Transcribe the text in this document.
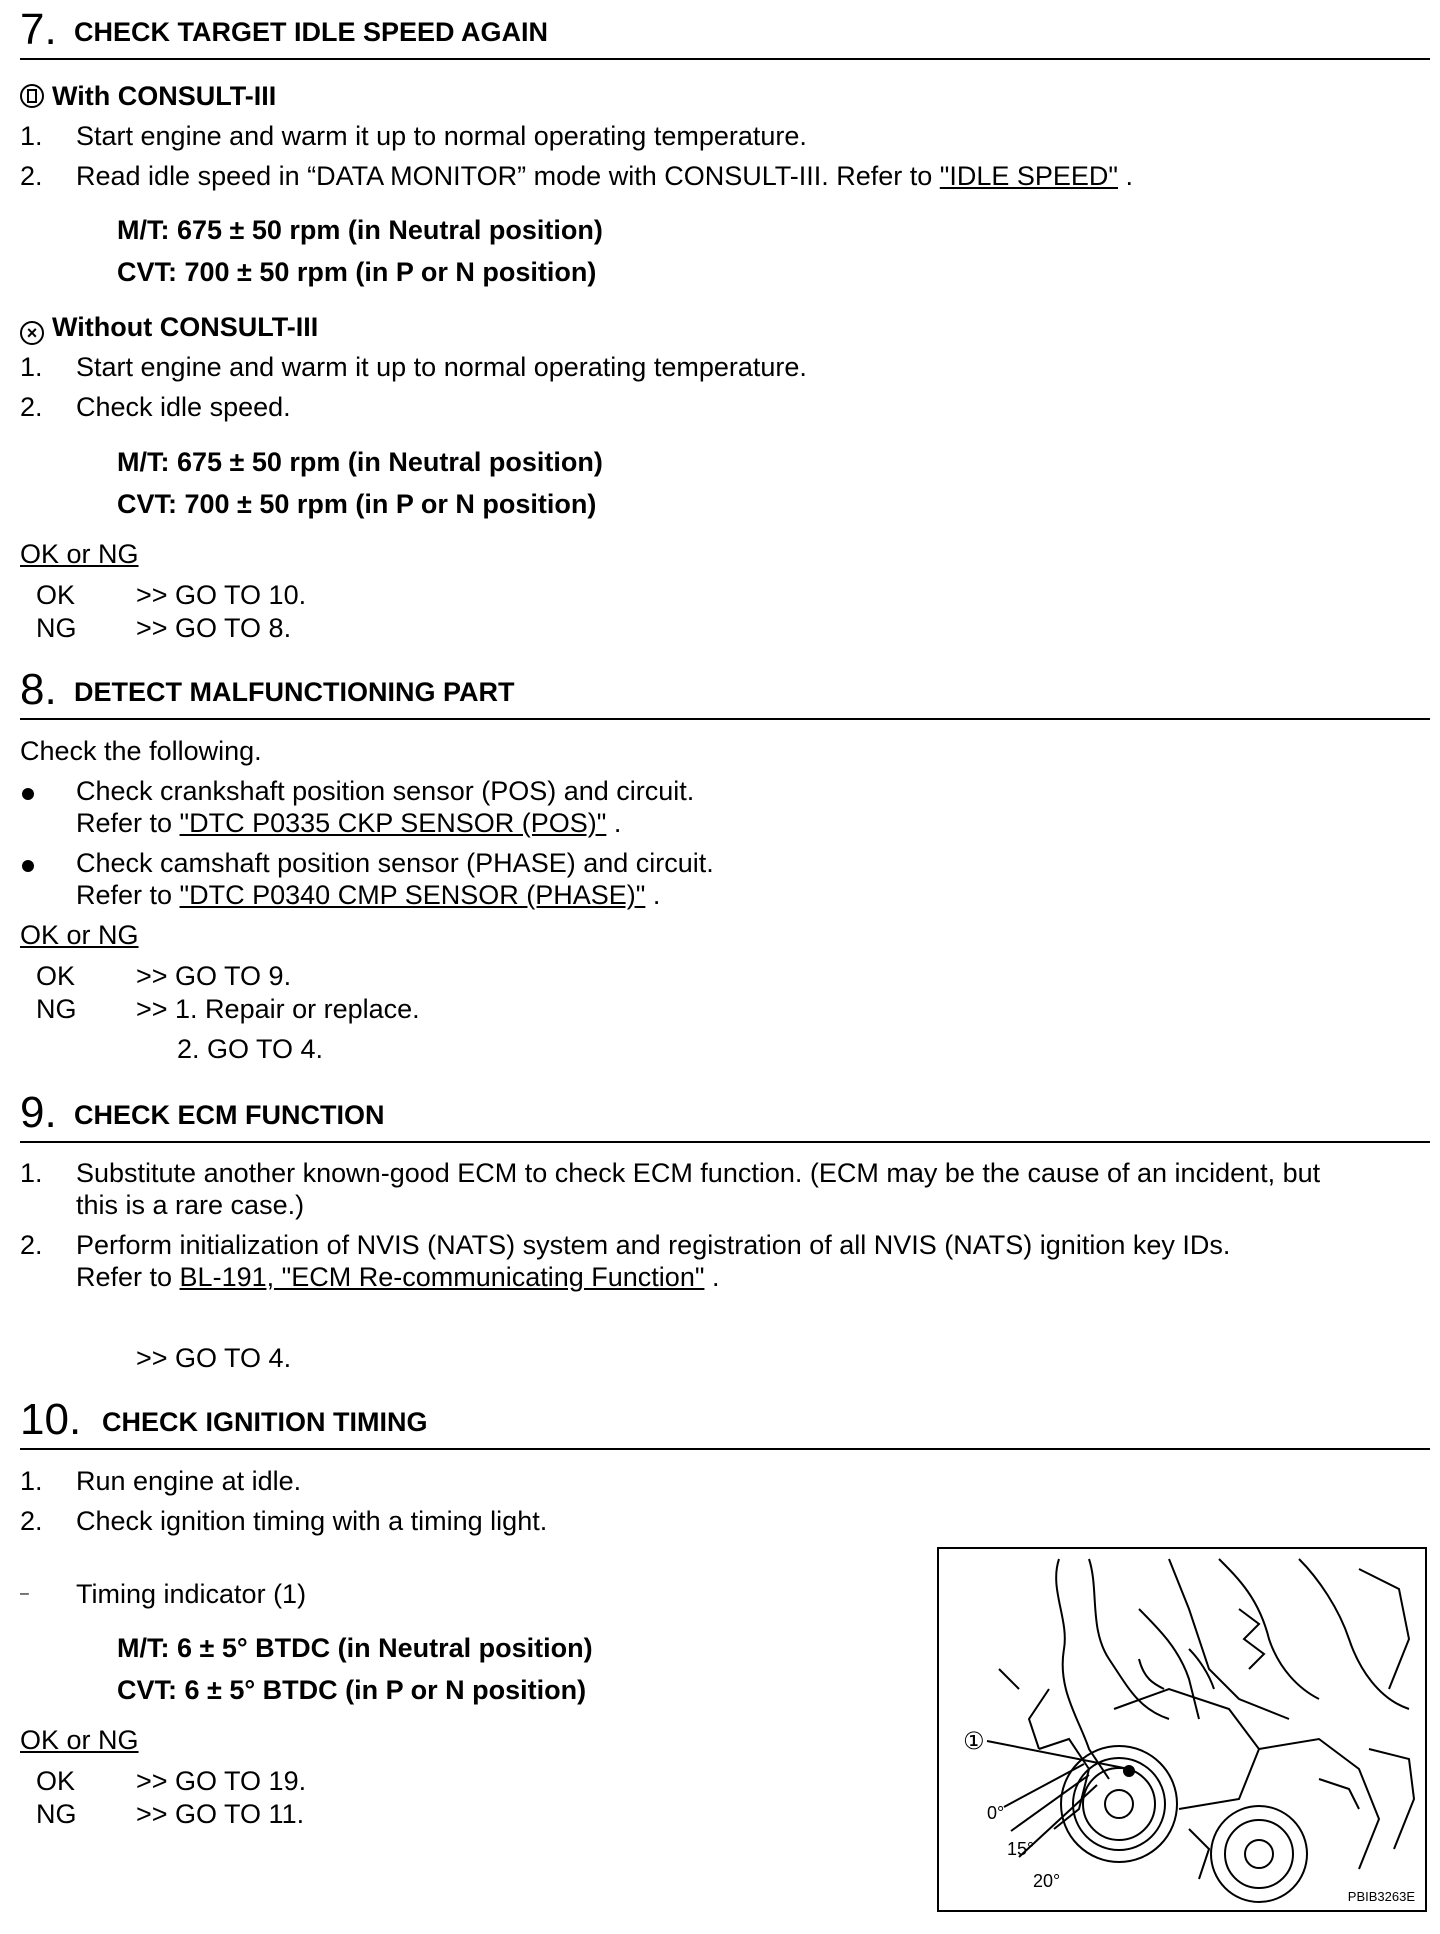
7. CHECK TARGET IDLE SPEED AGAIN
With CONSULT-III
1. Start engine and warm it up to normal operating temperature.
2. Read idle speed in “DATA MONITOR” mode with CONSULT-III. Refer to "IDLE SPEED" .
M/T: 675 ± 50 rpm (in Neutral position)
CVT: 700 ± 50 rpm (in P or N position)
× Without CONSULT-III
1. Start engine and warm it up to normal operating temperature.
2. Check idle speed.
M/T: 675 ± 50 rpm (in Neutral position)
CVT: 700 ± 50 rpm (in P or N position)
OK or NG
OK >> GO TO 10.
NG >> GO TO 8.
8. DETECT MALFUNCTIONING PART
Check the following.
Check crankshaft position sensor (POS) and circuit.
Refer to "DTC P0335 CKP SENSOR (POS)" .
Check camshaft position sensor (PHASE) and circuit.
Refer to "DTC P0340 CMP SENSOR (PHASE)" .
OK or NG
OK >> GO TO 9.
NG >> 1. Repair or replace.
2. GO TO 4.
9. CHECK ECM FUNCTION
1. Substitute another known-good ECM to check ECM function. (ECM may be the cause of an incident, but
this is a rare case.)
2. Perform initialization of NVIS (NATS) system and registration of all NVIS (NATS) ignition key IDs.
Refer to BL-191, "ECM Re-communicating Function" .
>> GO TO 4.
10. CHECK IGNITION TIMING
1. Run engine at idle.
2. Check ignition timing with a timing light.
– Timing indicator (1)
M/T: 6 ± 5° BTDC (in Neutral position)
CVT: 6 ± 5° BTDC (in P or N position)
OK or NG
OK >> GO TO 19.
NG >> GO TO 11.
①
0°
15°
20°
PBIB3263E
